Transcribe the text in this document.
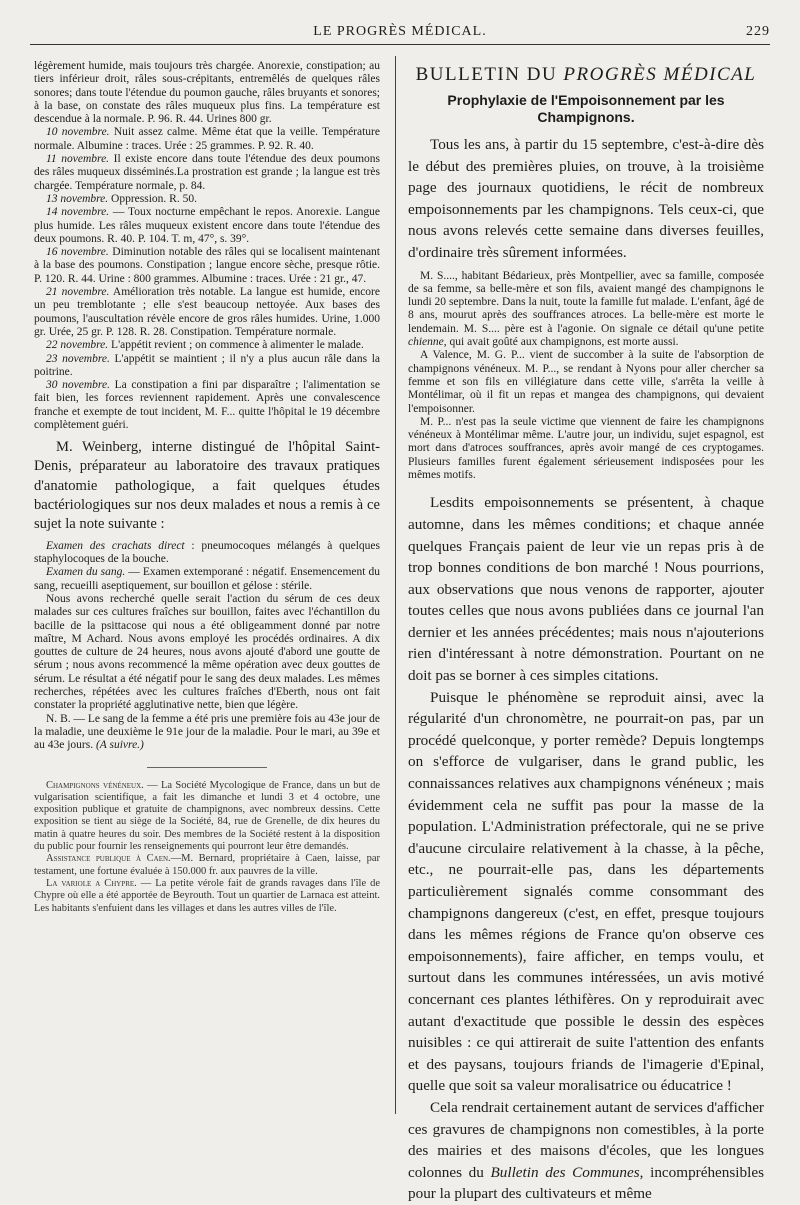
LE PROGRÈS MÉDICAL.	229

légèrement humide, mais toujours très chargée. Anorexie, constipation; au tiers inférieur droit, râles sous-crépitants, entremêlés de quelques râles sonores; dans toute l'étendue du poumon gauche, râles bruyants et sonores; à la base, on constate des râles muqueux plus fins. La température est descendue à la normale. P. 96. R. 44. Urines 800 gr.

10 novembre. Nuit assez calme. Même état que la veille. Température normale. Albumine : traces. Urée : 25 grammes. P. 92. R. 40.

11 novembre. Il existe encore dans toute l'étendue des deux poumons des râles muqueux disséminés.La prostration est grande ; la langue est très chargée. Température normale, p. 84.

13 novembre. Oppression. R. 50.

14 novembre. — Toux nocturne empêchant le repos. Anorexie. Langue plus humide. Les râles muqueux existent encore dans toute l'étendue des deux poumons. R. 40. P. 104. T. m, 47°, s. 39°.

16 novembre. Diminution notable des râles qui se localisent maintenant à la base des poumons. Constipation ; langue encore sèche, presque rôtie. P. 120. R. 44. Urine : 800 grammes. Albumine : traces. Urée : 21 gr., 47.

21 novembre. Amélioration très notable. La langue est humide, encore un peu tremblotante ; elle s'est beaucoup nettoyée. Aux bases des poumons, l'auscultation révèle encore de gros râles humides. Urine, 1.000 gr. Urée, 25 gr. P. 128. R. 28. Constipation. Température normale.

22 novembre. L'appétit revient ; on commence à alimenter le malade.

23 novembre. L'appétit se maintient ; il n'y a plus aucun râle dans la poitrine.

30 novembre. La constipation a fini par disparaître ; l'alimentation se fait bien, les forces reviennent rapidement. Après une convalescence franche et exempte de tout incident, M. F... quitte l'hôpital le 19 décembre complètement guéri.

M. Weinberg, interne distingué de l'hôpital Saint-Denis, préparateur au laboratoire des travaux pratiques d'anatomie pathologique, a fait quelques études bactériologiques sur nos deux malades et nous a remis à ce sujet la note suivante :

Examen des crachats direct : pneumocoques mélangés à quelques staphylocoques de la bouche.

Examen du sang. — Examen extemporané : négatif. Ensemencement du sang, recueilli aseptiquement, sur bouillon et gélose : stérile.

Nous avons recherché quelle serait l'action du sérum de ces deux malades sur ces cultures fraîches sur bouillon, faites avec l'échantillon du bacille de la psittacose qui nous a été obligeamment donné par notre maître, M Achard. Nous avons employé les procédés ordinaires. A dix gouttes de culture de 24 heures, nous avons ajouté d'abord une goutte de sérum ; nous avons recommencé la même opération avec deux gouttes de sérum. Le résultat a été négatif pour le sang des deux malades. Les mêmes recherches, répétées avec les cultures fraîches d'Eberth, nous ont fait constater la propriété agglutinative nette, bien que légère.

N. B. — Le sang de la femme a été pris une première fois au 43e jour de la maladie, une deuxième le 91e jour de la maladie. Pour le mari, au 39e et au 43e jours. (A suivre.)

Champignons vénéneux. — La Société Mycologique de France, dans un but de vulgarisation scientifique, a fait les dimanche et lundi 3 et 4 octobre, une exposition publique et gratuite de champignons, avec nombreux dessins. Cette exposition se tient au siège de la Société, 84, rue de Grenelle, de dix heures du matin à quatre heures du soir. Des membres de la Société restent à la disposition du public pour fournir les renseignements qui pourront leur être demandés.

Assistance publique à Caen.—M. Bernard, propriétaire à Caen, laisse, par testament, une fortune évaluée à 150.000 fr. aux pauvres de la ville.

La variole a Chypre. — La petite vérole fait de grands ravages dans l'île de Chypre où elle a été apportée de Beyrouth. Tout un quartier de Larnaca est atteint. Les habitants s'enfuient dans les villages et dans les autres villes de l'île.

BULLETIN DU PROGRÈS MÉDICAL
Prophylaxie de l'Empoisonnement par les Champignons.

Tous les ans, à partir du 15 septembre, c'est-à-dire dès le début des premières pluies, on trouve, à la troisième page des journaux quotidiens, le récit de nombreux empoisonnements par les champignons. Tels ceux-ci, que nous avons relevés cette semaine dans diverses feuilles, d'ordinaire très sûrement informées.

M. S...., habitant Bédarieux, près Montpellier, avec sa famille, composée de sa femme, sa belle-mère et son fils, avaient mangé des champignons le lundi 20 septembre. Dans la nuit, toute la famille fut malade. L'enfant, âgé de 8 ans, mourut après des souffrances atroces. La belle-mère est morte le lendemain. M. S.... père est à l'agonie. On signale ce détail qu'une petite chienne, qui avait goûté aux champignons, est morte aussi.

A Valence, M. G. P... vient de succomber à la suite de l'absorption de champignons vénéneux. M. P..., se rendant à Nyons pour aller chercher sa femme et son fils en villégiature dans cette ville, s'arrêta la veille à Montélimar, où il fit un repas et mangea des champignons, qui devaient l'empoisonner.

M. P... n'est pas la seule victime que viennent de faire les champignons vénéneux à Montélimar même. L'autre jour, un individu, sujet espagnol, est mort dans d'atroces souffrances, après avoir mangé de ces cryptogames. Plusieurs familles furent également sérieusement indisposées pour les mêmes motifs.

Lesdits empoisonnements se présentent, à chaque automne, dans les mêmes conditions; et chaque année quelques Français paient de leur vie un repas pris à de trop bonnes conditions de bon marché ! Nous pourrions, aux observations que nous venons de rapporter, ajouter toutes celles que nous avons publiées dans ce journal l'an dernier et les années précédentes; mais nous n'ajouterions rien d'intéressant à notre démonstration. Pourtant on ne doit pas se borner à ces simples citations.

Puisque le phénomène se reproduit ainsi, avec la régularité d'un chronomètre, ne pourrait-on pas, par un procédé quelconque, y porter remède? Depuis longtemps on s'efforce de vulgariser, dans le grand public, les connaissances relatives aux champignons vénéneux ; mais évidemment cela ne suffit pas pour la masse de la population. L'Administration préfectorale, qui ne se prive d'aucune circulaire relativement à la chasse, à la pêche, etc., ne pourrait-elle pas, dans les départements particulièrement signalés comme consommant des champignons dangereux (c'est, en effet, presque toujours dans les mêmes régions de France qu'on observe ces empoisonnements), faire afficher, en temps voulu, et surtout dans les communes intéressées, un avis motivé concernant ces plantes léthifères. On y reproduirait avec autant d'exactitude que possible le dessin des espèces nuisibles : ce qui attirerait de suite l'attention des enfants et des paysans, toujours friands de l'imagerie d'Epinal, quelle que soit sa valeur moralisatrice ou éducatrice !

Cela rendrait certainement autant de services d'afficher ces gravures de champignons non comestibles, à la porte des mairies et des maisons d'écoles, que les longues colonnes du Bulletin des Communes, incompréhensibles pour la plupart des cultivateurs et même
